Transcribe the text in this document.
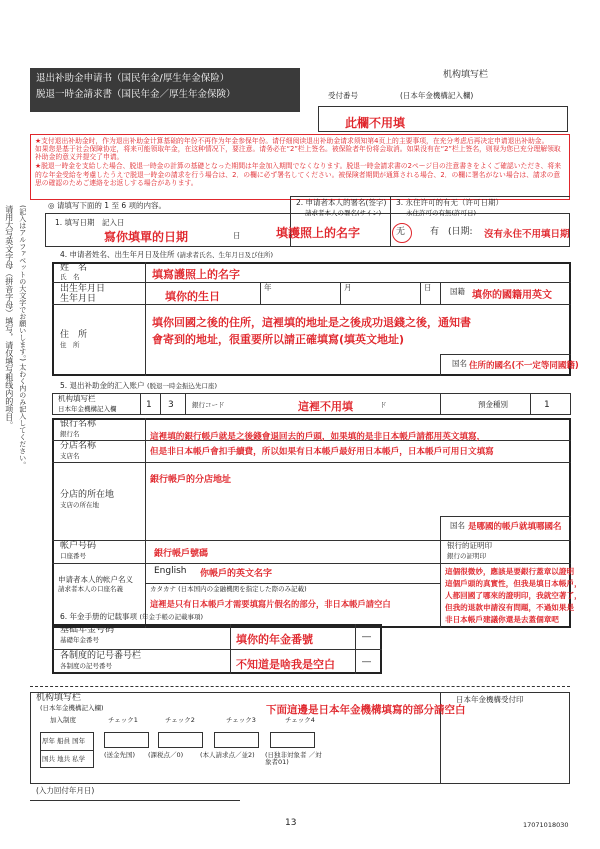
退出补助金申请书（国民年金/厚生年金保险）
脱退一時金請求書（国民年金／厚生年金保険）
机构填写栏
(日本年金機構記入欄)
受付番号
此欄不用填
★支付退出补助金时，作为退出补助金计算基础的年份不再作为年金参保年份。请仔细阅读退出补助金请求须知第4页上的主要事项，在充分考虑后再决定申请退出补助金。
如果您是基于社会保障协定，将来可能领取年金，在这种情况下，要注意。请务必在“2”栏上签名。被保险者年份将会取消。如果没有在“2”栏上签名，则视为您已充分理解领取补助金的意义并提交了申请。
★脱退一時金を支給した場合、脱退一時金の計算の基礎となった期間は年金加入期間でなくなります。脱退一時金請求書の2ページ目の注意書きをよくご確認いただき、将来的な年金受給を考慮したうえで脱退一時金の請求を行う場合は、2．の欄に必ず署名してください。被保険者期間が通算される場合、2．の欄に署名がない場合は、請求の意思の確認のためご連絡をお返しする場合があります。
请用大写英文字母（拼音字母）填写，请仅填写粗线内的项目。 (記入はアルファベットの大文字でお願いします。) 太わく内のみ記入してください。	◎ 请填写下面的 1 至 6 项的内容。
1. 填写日期　記入日
寫你填單的日期	日
2. 申请者本人的署名(签字)
請求者本人の署名(サイン)
填護照上的名字
3. 永住许可的有无（许可日期）
永住許可の有無(許可日)
无	有　(日期: 沒有永住不用填日期
4. 申请者姓名、出生年月日及住所 (請求者氏名、生年月日及び住所)
姓　名
氏　名	填寫護照上的名字
出生年月日
生年月日	填你的生日
年	月	日 国籍 填你的國籍用英文
住　所
住　所
填你回國之後的住所，這裡填的地址是之後成功退錢之後，通知書
會寄到的地址，很重要所以請正確填寫(填英文地址)
国名 住所的國名(不一定等同國籍)
5. 退出补助金的汇入账户 (脱退一時金振込先口座)
机构填写栏
日本年金機構記入欄	1 3	銀行コード	這裡不用填	ド	預金種別	1
银行名称
銀行名
分店名称
支店名
這裡填的銀行帳戶就是之後錢會退回去的戶頭，如果填的是非日本帳戶請都用英文填寫，
但是非日本帳戶會扣手續費，所以如果有日本帳戶最好用日本帳戶，日本帳戶可用日文填寫
分店的所在地
支店の所在地
銀行帳戶的分店地址
国名 是哪國的帳戶就填哪國名
帐户号码
口座番号	銀行帳戶號碼
银行的证明印
銀行の証明印
申请者本人的帐户名义
請求者本人の口座名義
English 你帳戶的英文名字
カタカナ (日本国内の金融機関を指定した際のみ記載)
這裡是只有日本帳戶才需要填寫片假名的部分，非日本帳戶請空白
這個很微妙，應該是要銀行蓋章以證明
這個戶頭的真實性，但我是填日本帳戶，
人都回國了哪來的證明印，我就空著了，
但我的退款申請沒有問題，不過如果是
非日本帳戶建議你還是去蓋個章吧
6. 年金手册的记载事项 (年金手帳の記載事項)
基础年金号码
基礎年金番号	填你的年金番號	―
各制度的记号番号栏
各制度の記号番号	不知道是啥我是空白	―
机构填写栏
(日本年金機構記入欄)
加入制度	チェック1	チェック2	チェック3	チェック4
厚年 船員 国年
国共 地共 私学	(送金先国) (課税点／0)	(本人請求点／並2) (日独非対象者 ／対象者01)
日本年金機構受付印
下面這邊是日本年金機構填寫的部分請空白
(入力回付年月日)
13	17071018030
